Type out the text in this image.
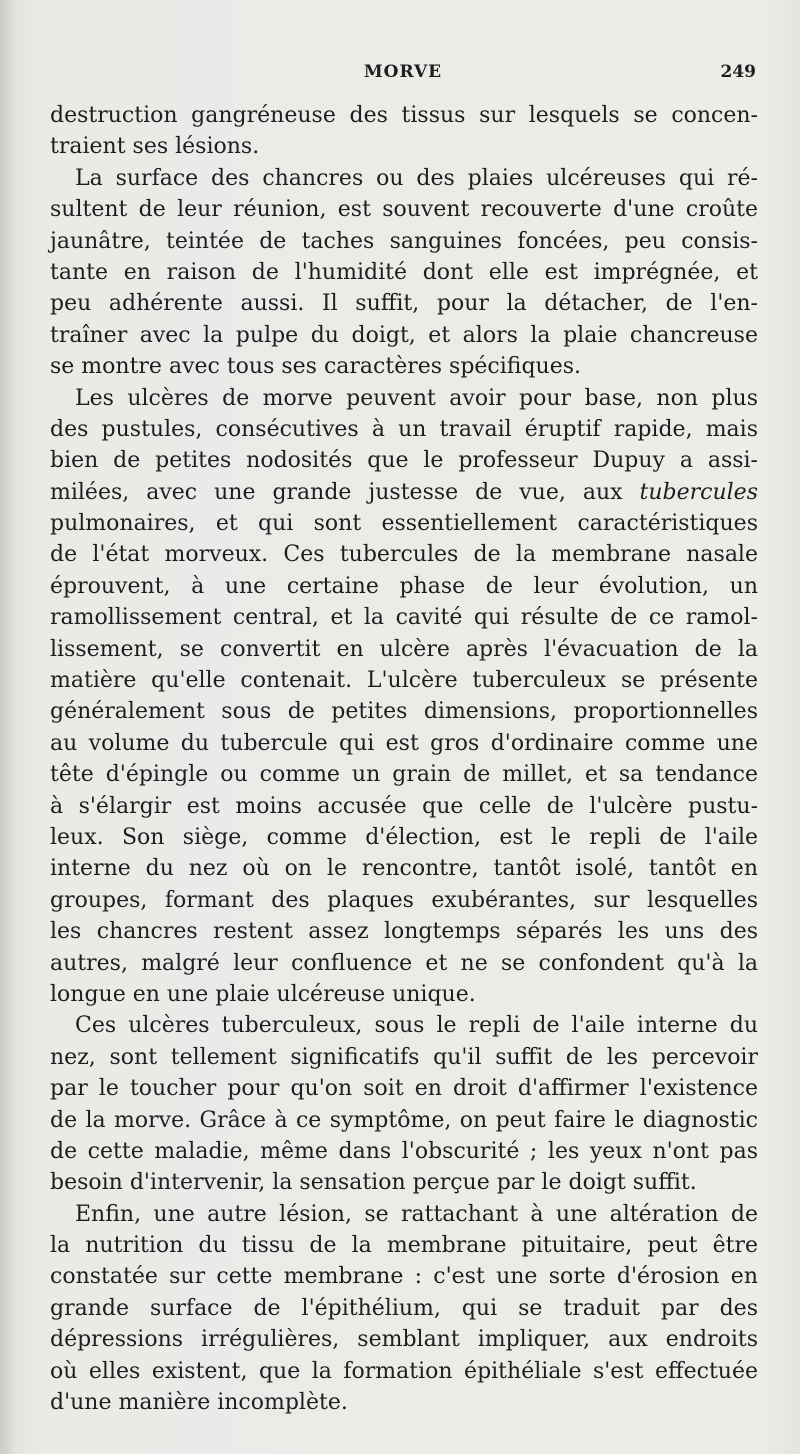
MORVE	249
destruction gangréneuse des tissus sur lesquels se concen-
traient ses lésions.
La surface des chancres ou des plaies ulcéreuses qui ré-
sultent de leur réunion, est souvent recouverte d'une croûte
jaunâtre, teintée de taches sanguines foncées, peu consis-
tante en raison de l'humidité dont elle est imprégnée, et
peu adhérente aussi. Il suffit, pour la détacher, de l'en-
traîner avec la pulpe du doigt, et alors la plaie chancreuse
se montre avec tous ses caractères spécifiques.
Les ulcères de morve peuvent avoir pour base, non plus
des pustules, consécutives à un travail éruptif rapide, mais
bien de petites nodosités que le professeur Dupuy a assi-
milées, avec une grande justesse de vue, aux tubercules
pulmonaires, et qui sont essentiellement caractéristiques
de l'état morveux. Ces tubercules de la membrane nasale
éprouvent, à une certaine phase de leur évolution, un
ramollissement central, et la cavité qui résulte de ce ramol-
lissement, se convertit en ulcère après l'évacuation de la
matière qu'elle contenait. L'ulcère tuberculeux se présente
généralement sous de petites dimensions, proportionnelles
au volume du tubercule qui est gros d'ordinaire comme une
tête d'épingle ou comme un grain de millet, et sa tendance
à s'élargir est moins accusée que celle de l'ulcère pustu-
leux. Son siège, comme d'élection, est le repli de l'aile
interne du nez où on le rencontre, tantôt isolé, tantôt en
groupes, formant des plaques exubérantes, sur lesquelles
les chancres restent assez longtemps séparés les uns des
autres, malgré leur confluence et ne se confondent qu'à la
longue en une plaie ulcéreuse unique.
Ces ulcères tuberculeux, sous le repli de l'aile interne du
nez, sont tellement significatifs qu'il suffit de les percevoir
par le toucher pour qu'on soit en droit d'affirmer l'existence
de la morve. Grâce à ce symptôme, on peut faire le diagnostic
de cette maladie, même dans l'obscurité ; les yeux n'ont pas
besoin d'intervenir, la sensation perçue par le doigt suffit.
Enfin, une autre lésion, se rattachant à une altération de
la nutrition du tissu de la membrane pituitaire, peut être
constatée sur cette membrane : c'est une sorte d'érosion en
grande surface de l'épithélium, qui se traduit par des
dépressions irrégulières, semblant impliquer, aux endroits
où elles existent, que la formation épithéliale s'est effectuée
d'une manière incomplète.
